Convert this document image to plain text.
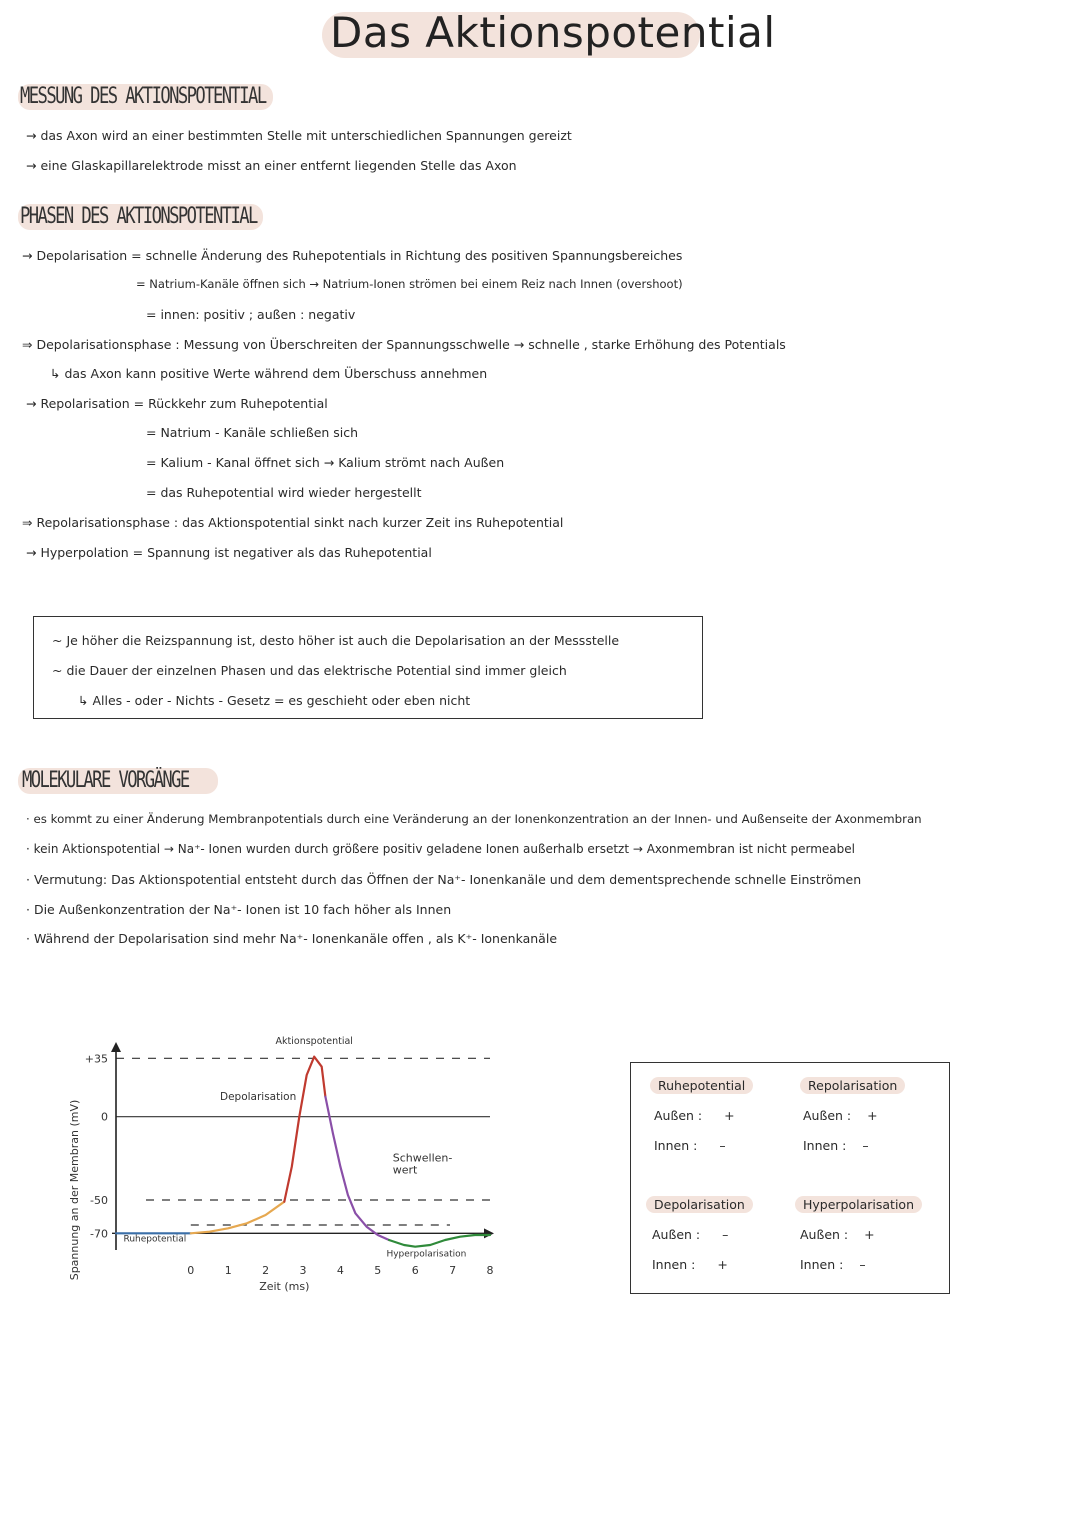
Das Aktionspotential
MESSUNG DES AKTIONSPOTENTIAL
→ das Axon wird an einer bestimmten Stelle mit unterschiedlichen Spannungen gereizt
→ eine Glaskapillarelektrode misst an einer entfernt liegenden Stelle das Axon
PHASEN DES AKTIONSPOTENTIAL
→ Depolarisation = schnelle Änderung des Ruhepotentials in Richtung des positiven Spannungsbereiches
= Natrium-Kanäle öffnen sich → Natrium-Ionen strömen bei einem Reiz nach Innen (overshoot)
= innen: positiv ; außen : negativ
⇒ Depolarisationsphase : Messung von Überschreiten der Spannungsschwelle → schnelle , starke Erhöhung des Potentials
↳ das Axon kann positive Werte während dem Überschuss annehmen
→ Repolarisation = Rückkehr zum Ruhepotential
= Natrium - Kanäle schließen sich
= Kalium - Kanal öffnet sich → Kalium strömt nach Außen
= das Ruhepotential wird wieder hergestellt
⇒ Repolarisationsphase : das Aktionspotential sinkt nach kurzer Zeit ins Ruhepotential
→ Hyperpolation = Spannung ist negativer als das Ruhepotential
~ Je höher die Reizspannung ist, desto höher ist auch die Depolarisation an der Messstelle
~ die Dauer der einzelnen Phasen und das elektrische Potential sind immer gleich
↳ Alles - oder - Nichts - Gesetz = es geschieht oder eben nicht
MOLEKULARE VORGÄNGE
· es kommt zu einer Änderung Membranpotentials durch eine Veränderung an der Ionenkonzentration an der Innen- und Außenseite der Axonmembran
· kein Aktionspotential → Na⁺- Ionen wurden durch größere positiv geladene Ionen außerhalb ersetzt → Axonmembran ist nicht permeabel
· Vermutung: Das Aktionspotential entsteht durch das Öffnen der Na⁺- Ionenkanäle und dem dementsprechende schnelle Einströmen
· Die Außenkonzentration der Na⁺- Ionen ist 10 fach höher als Innen
· Während der Depolarisation sind mehr Na⁺- Ionenkanäle offen , als K⁺- Ionenkanäle
+35
0
-50
-70
0	1	2	3	4	5	6	7	8
Zeit (ms)
Spannung an der Membran (mV)
Aktionspotential
Depolarisation
Schwellen-
wert
Ruhepotential
Hyperpolarisation
Ruhepotential
Außen : +
Innen : –
Repolarisation
Außen : +
Innen : –
Depolarisation
Außen : –
Innen : +
Hyperpolarisation
Außen : +
Innen : –
